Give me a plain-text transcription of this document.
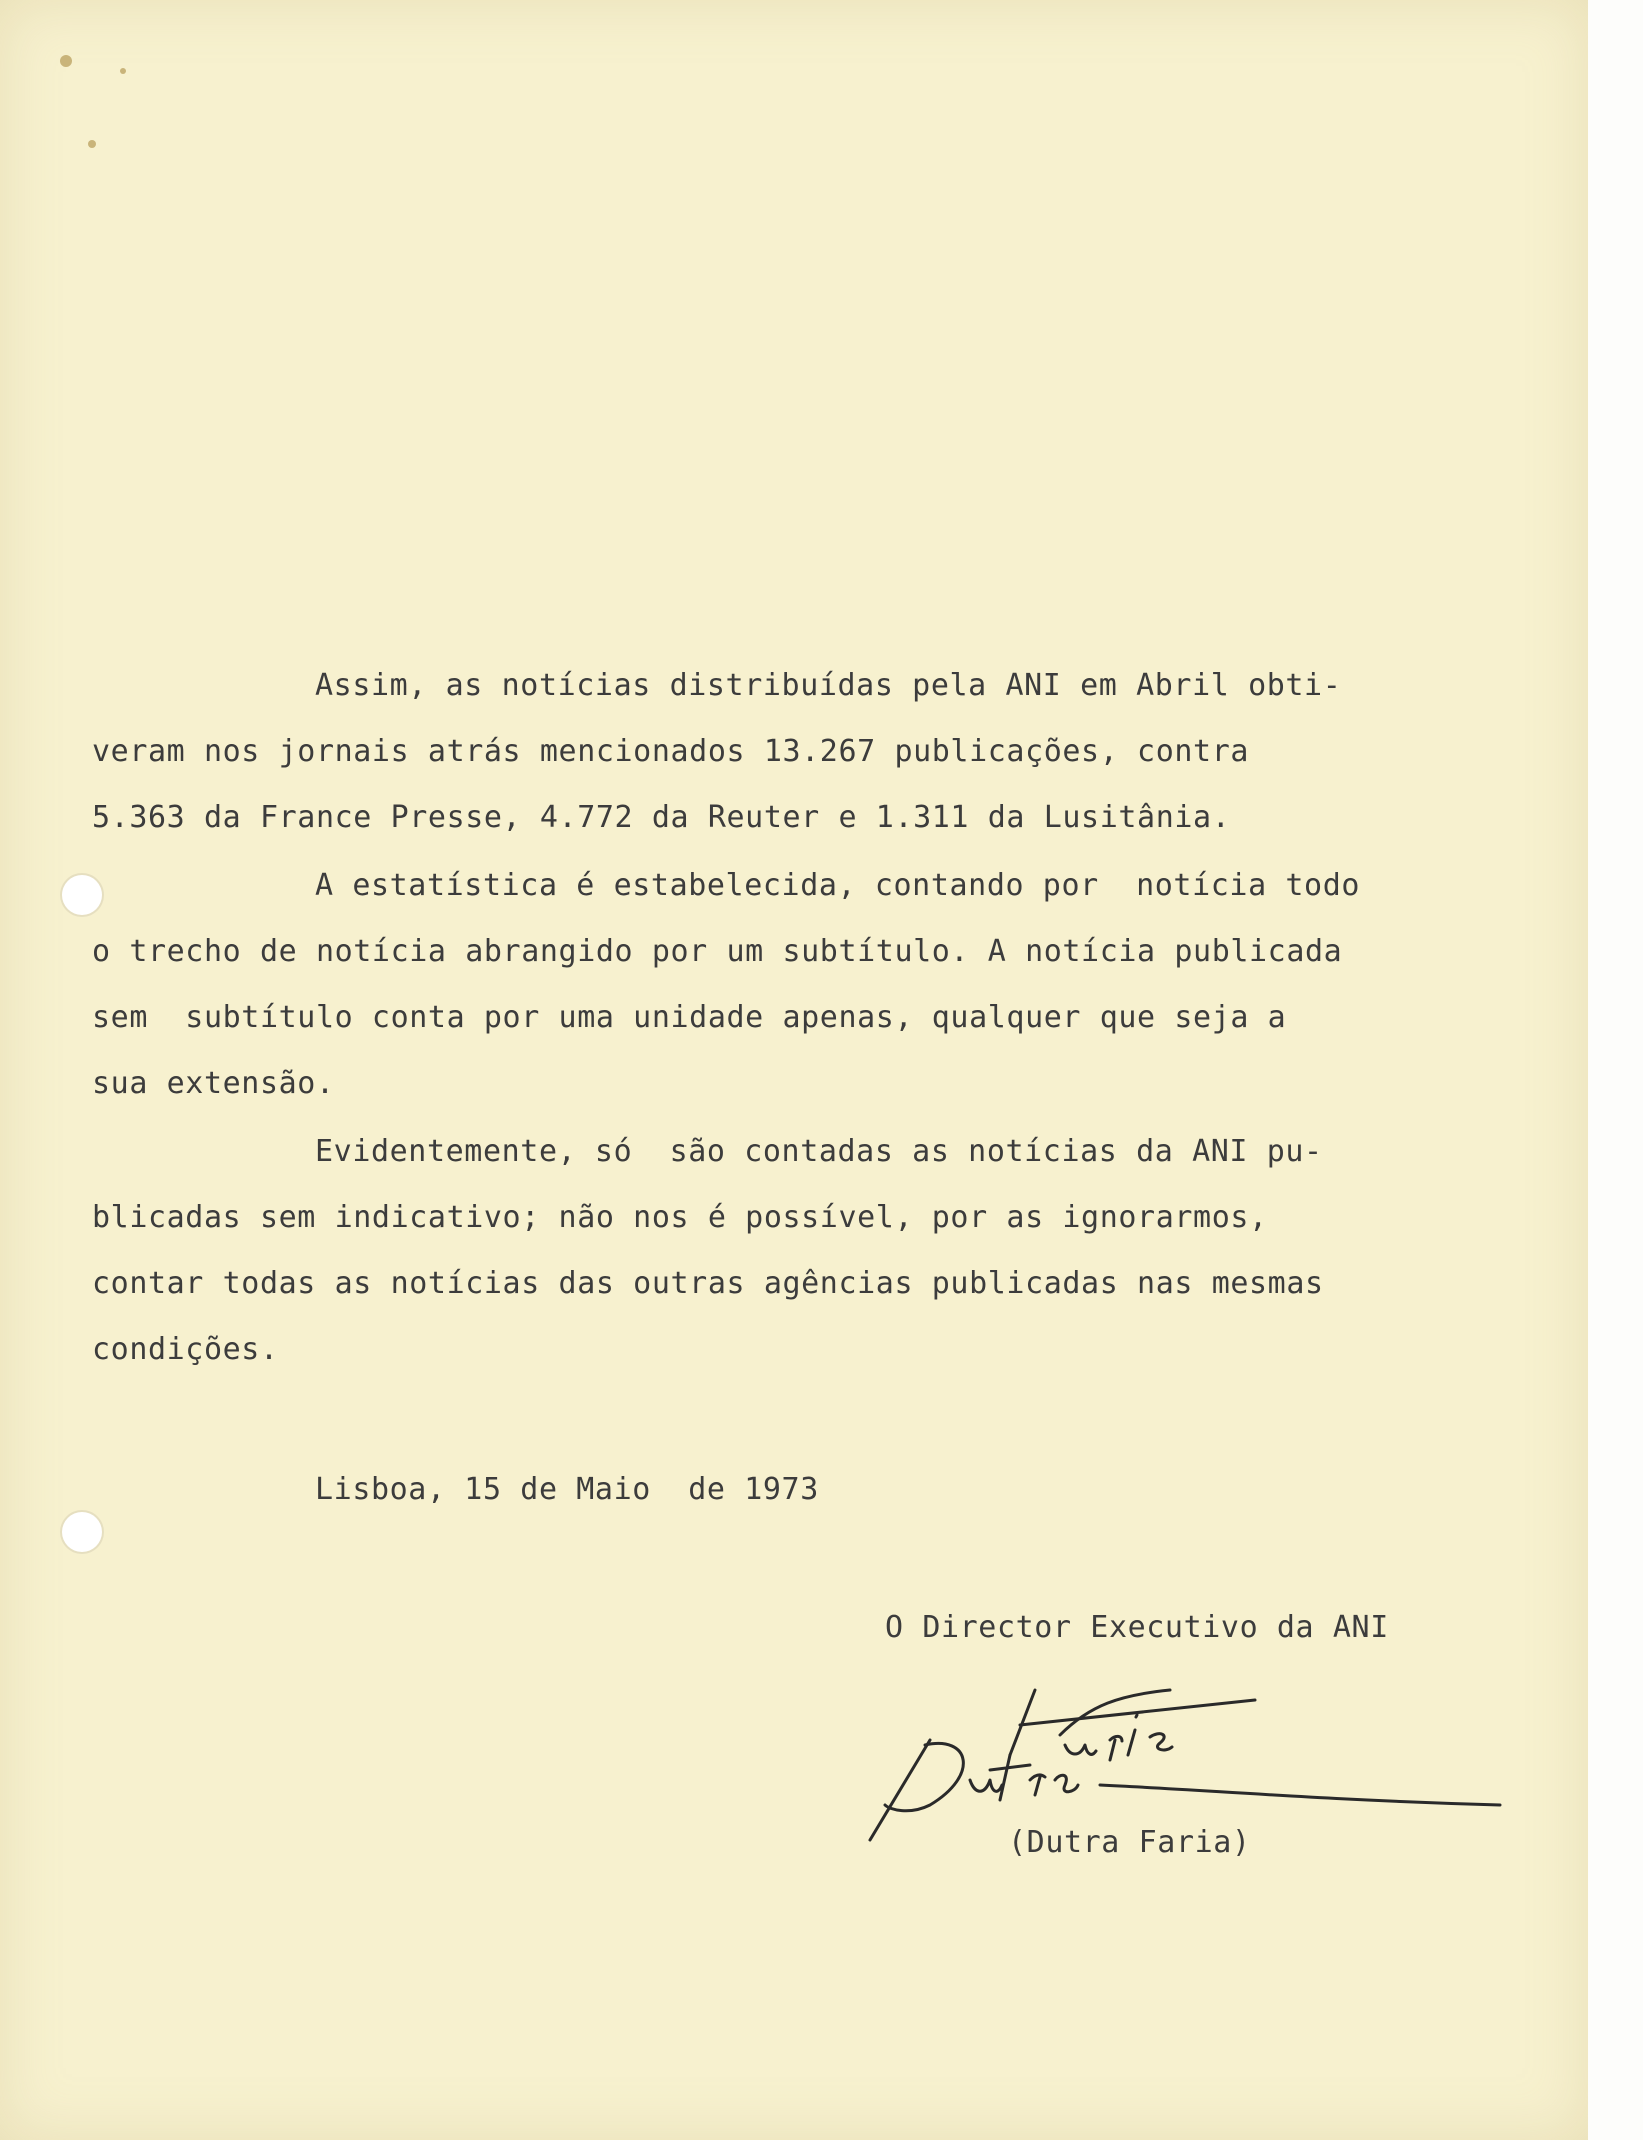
Assim, as notícias distribuídas pela ANI em Abril obti-

veram nos jornais atrás mencionados 13.267 publicações, contra

5.363 da France Presse, 4.772 da Reuter e 1.311 da Lusitânia.

A estatística é estabelecida, contando por  notícia todo

o trecho de notícia abrangido por um subtítulo. A notícia publicada

sem  subtítulo conta por uma unidade apenas, qualquer que seja a

sua extensão.

Evidentemente, só  são contadas as notícias da ANI pu-

blicadas sem indicativo; não nos é possível, por as ignorarmos,

contar todas as notícias das outras agências publicadas nas mesmas

condições.

Lisboa, 15 de Maio  de 1973

O Director Executivo da ANI

(Dutra Faria)
